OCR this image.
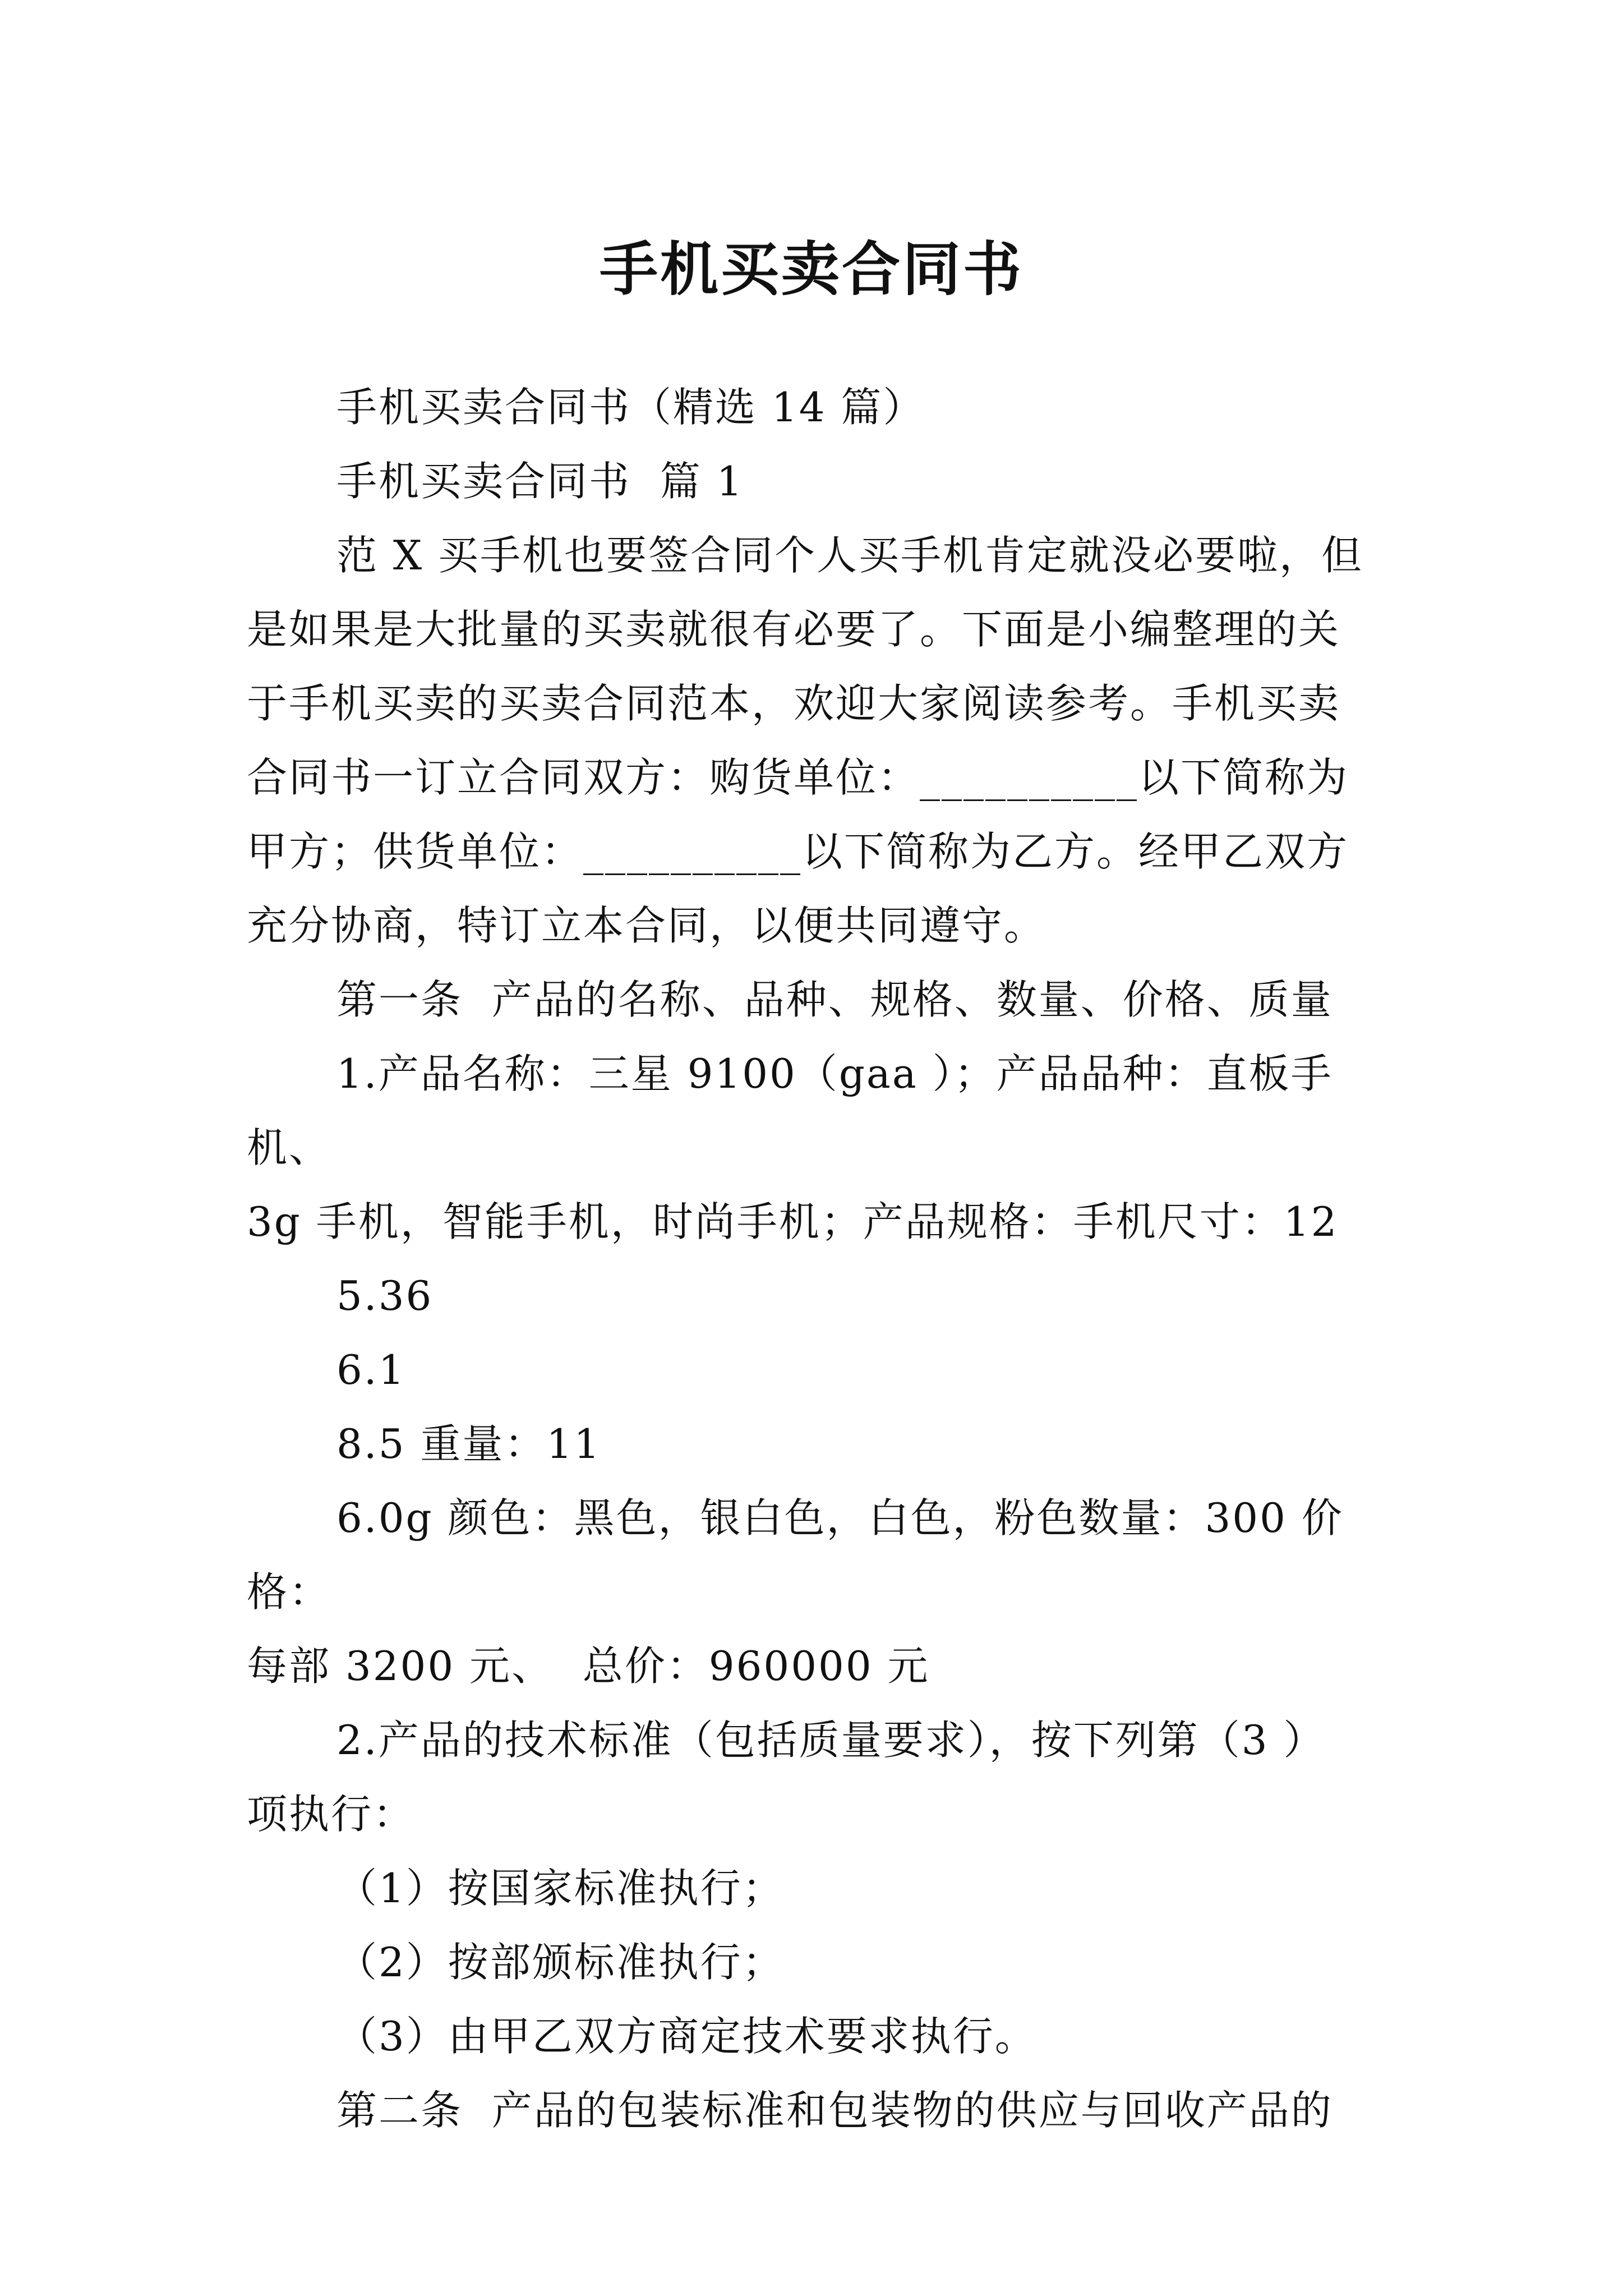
手机买卖合同书

手机买卖合同书（精选 14 篇）

手机买卖合同书  篇 1

范 X 买手机也要签合同个人买手机肯定就没必要啦，但
是如果是大批量的买卖就很有必要了。下面是小编整理的关
于手机买卖的买卖合同范本，欢迎大家阅读参考。手机买卖
合同书一订立合同双方：购货单位：__________以下简称为
甲方；供货单位：__________以下简称为乙方。经甲乙双方
充分协商，特订立本合同，以便共同遵守。

第一条  产品的名称、品种、规格、数量、价格、质量

1.产品名称：三星 9100（gaa ）；产品品种：直板手机、
3g 手机，智能手机，时尚手机；产品规格：手机尺寸：12

5.36

6.1

8.5 重量：11

6.0g 颜色：黑色，银白色，白色，粉色数量：300 价格：
每部 3200 元、  总价：960000 元

2.产品的技术标准（包括质量要求），按下列第（3 ）
项执行：

（1）按国家标准执行；

（2）按部颁标准执行；

（3）由甲乙双方商定技术要求执行。

第二条  产品的包装标准和包装物的供应与回收产品的
